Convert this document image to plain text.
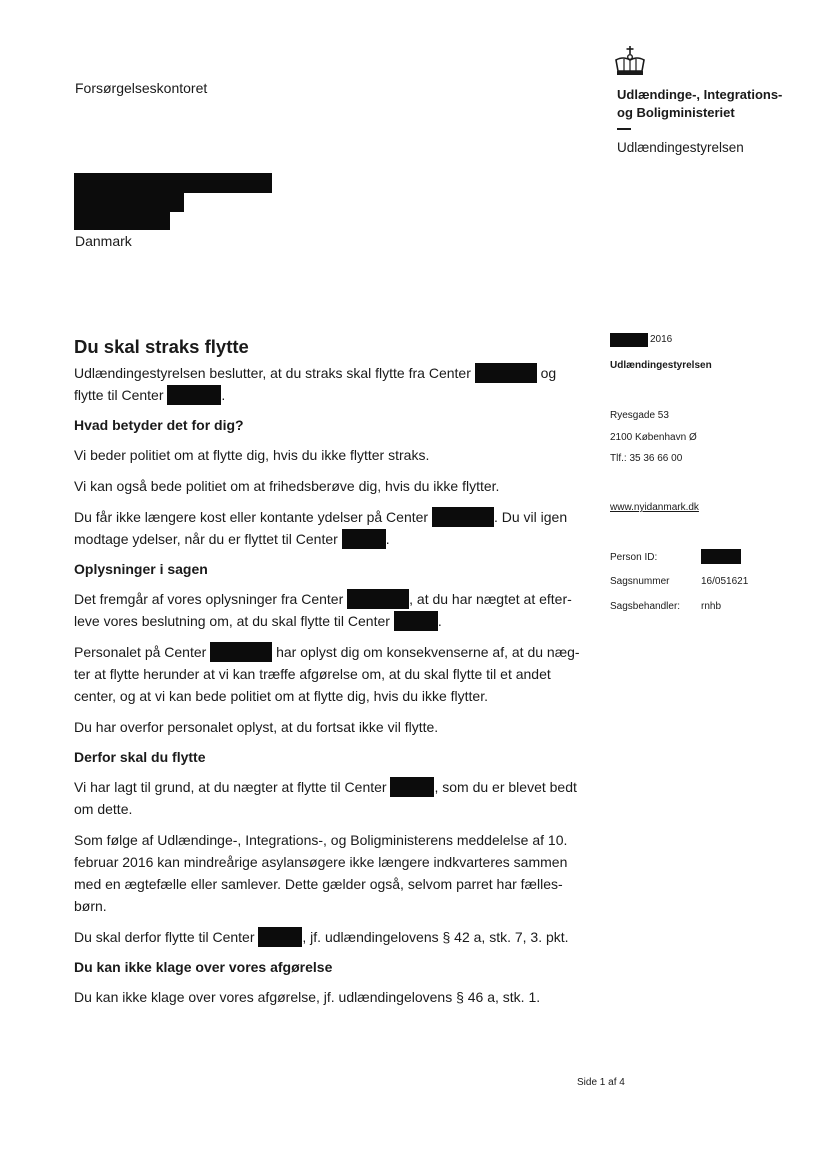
Forsørgelseskontoret	Udlændinge-, Integrations-
og Boligministeriet
Udlændingestyrelsen
Danmark
2016
Udlændingestyrelsen
Ryesgade 53
2100 København Ø
Tlf.: 35 36 66 00
www.nyidanmark.dk
Person ID:
Sagsnummer	16/051621
Sagsbehandler: rnhb
Du skal straks flytte

Udlændingestyrelsen beslutter, at du straks skal flytte fra Center	og flytte til Center	.

Hvad betyder det for dig?

Vi beder politiet om at flytte dig, hvis du ikke flytter straks.

Vi kan også bede politiet om at frihedsberøve dig, hvis du ikke flytter.

Du får ikke længere kost eller kontante ydelser på Center	. Du vil igen modtage ydelser, når du er flyttet til Center	.

Oplysninger i sagen

Det fremgår af vores oplysninger fra Center	, at du har nægtet at efter-leve vores beslutning om, at du skal flytte til Center	.

Personalet på Center	har oplyst dig om konsekvenserne af, at du næg-ter at flytte herunder at vi kan træffe afgørelse om, at du skal flytte til et andet center, og at vi kan bede politiet om at flytte dig, hvis du ikke flytter.

Du har overfor personalet oplyst, at du fortsat ikke vil flytte.

Derfor skal du flytte

Vi har lagt til grund, at du nægter at flytte til Center	, som du er blevet bedt om dette.

Som følge af Udlændinge-, Integrations-, og Boligministerens meddelelse af 10. februar 2016 kan mindreårige asylansøgere ikke længere indkvarteres sammen med en ægtefælle eller samlever. Dette gælder også, selvom parret har fælles-børn.

Du skal derfor flytte til Center	, jf. udlændingelovens § 42 a, stk. 7, 3. pkt.

Du kan ikke klage over vores afgørelse

Du kan ikke klage over vores afgørelse, jf. udlændingelovens § 46 a, stk. 1.

Side 1 af 4
